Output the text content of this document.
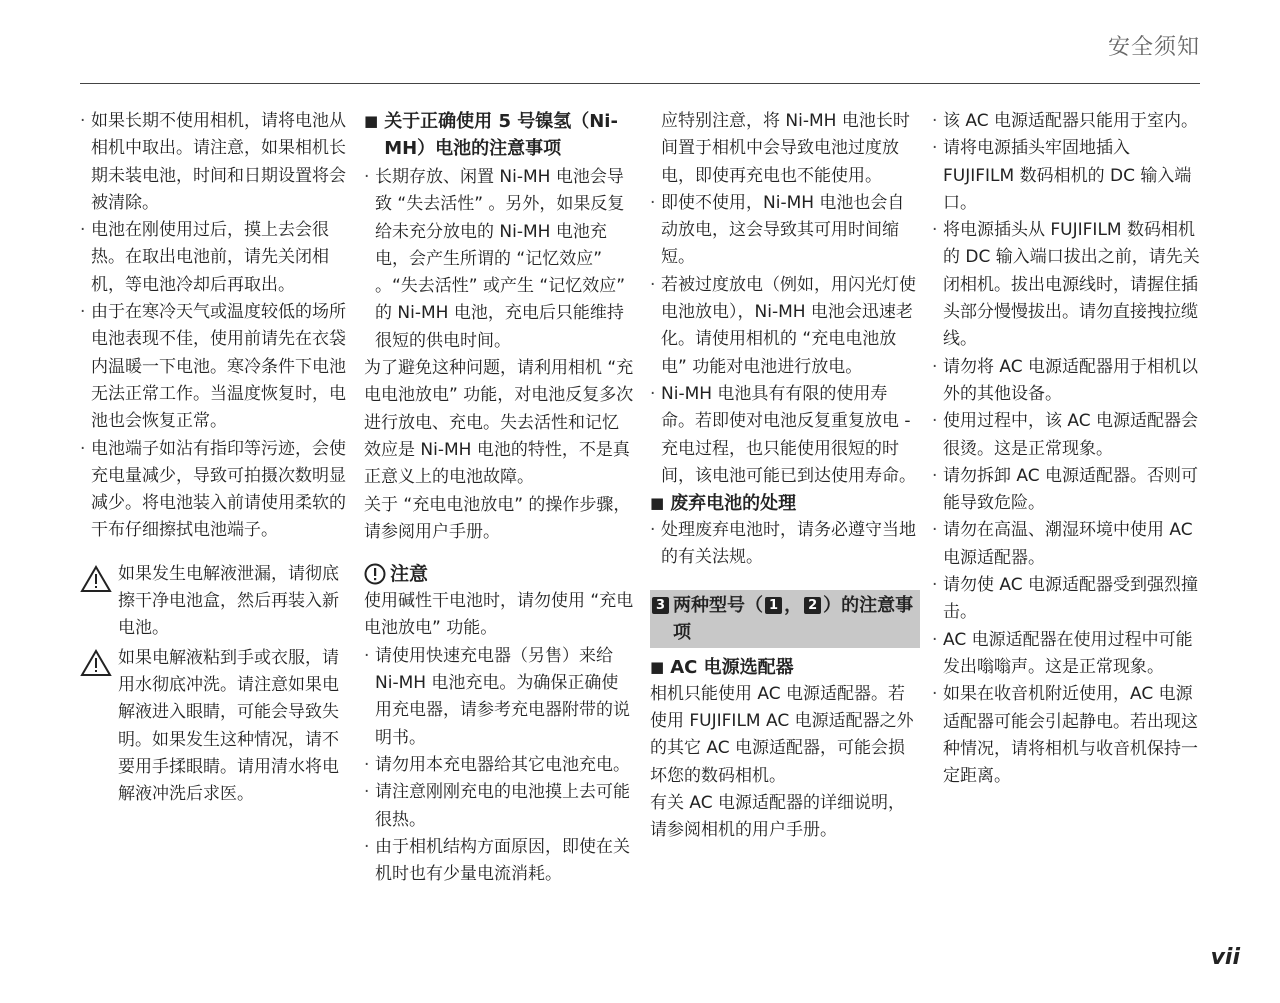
安全须知
· 如果长期不使用相机，请将电池从相机中取出。请注意，如果相机长期未装电池，时间和日期设置将会被清除。
· 电池在刚使用过后，摸上去会很热。在取出电池前，请先关闭相机，等电池冷却后再取出。
· 由于在寒冷天气或温度较低的场所电池表现不佳，使用前请先在衣袋内温暖一下电池。寒冷条件下电池无法正常工作。当温度恢复时，电池也会恢复正常。
· 电池端子如沾有指印等污迹，会使充电量减少，导致可拍摄次数明显减少。将电池装入前请使用柔软的干布仔细擦拭电池端子。
如果发生电解液泄漏，请彻底擦干净电池盒，然后再装入新电池。
如果电解液粘到手或衣服，请用水彻底冲洗。请注意如果电解液进入眼睛，可能会导致失明。如果发生这种情况，请不要用手揉眼睛。请用清水将电解液冲洗后求医。
■ 关于正确使用 5 号镍氢（Ni-MH）电池的注意事项
· 长期存放、闲置 Ni-MH 电池会导致 “失去活性” 。另外，如果反复给未充分放电的 Ni-MH 电池充电，会产生所谓的 “记忆效应” 。“失去活性” 或产生 “记忆效应” 的 Ni-MH 电池，充电后只能维持很短的供电时间。

为了避免这种问题，请利用相机 “充电电池放电” 功能，对电池反复多次进行放电、充电。失去活性和记忆效应是 Ni-MH 电池的特性，不是真正意义上的电池故障。

关于 “充电电池放电” 的操作步骤，请参阅用户手册。

注意

使用碱性干电池时，请勿使用 “充电电池放电” 功能。

· 请使用快速充电器（另售）来给 Ni-MH 电池充电。为确保正确使用充电器，请参考充电器附带的说明书。
· 请勿用本充电器给其它电池充电。
· 请注意刚刚充电的电池摸上去可能很热。
· 由于相机结构方面原因，即使在关机时也有少量电流消耗。

应特别注意，将 Ni-MH 电池长时间置于相机中会导致电池过度放电，即使再充电也不能使用。

· 即使不使用，Ni-MH 电池也会自动放电，这会导致其可用时间缩短。
· 若被过度放电（例如，用闪光灯使电池放电），Ni-MH 电池会迅速老化。请使用相机的 “充电电池放电” 功能对电池进行放电。
· Ni-MH 电池具有有限的使用寿命。若即使对电池反复重复放电 - 充电过程，也只能使用很短的时间，该电池可能已到达使用寿命。
■ 废弃电池的处理
· 处理废弃电池时，请务必遵守当地的有关法规。
3 两种型号（ 1 ， 2 ）的注意事项
■ AC 电源选配器

相机只能使用 AC 电源适配器。若使用 FUJIFILM AC 电源适配器之外的其它 AC 电源适配器，可能会损坏您的数码相机。

有关 AC 电源适配器的详细说明，请参阅相机的用户手册。

· 该 AC 电源适配器只能用于室内。
· 请将电源插头牢固地插入 FUJIFILM 数码相机的 DC 输入端口。
· 将电源插头从 FUJIFILM 数码相机的 DC 输入端口拔出之前，请先关闭相机。拔出电源线时，请握住插头部分慢慢拔出。请勿直接拽拉缆线。
· 请勿将 AC 电源适配器用于相机以外的其他设备。
· 使用过程中，该 AC 电源适配器会很烫。这是正常现象。
· 请勿拆卸 AC 电源适配器。否则可能导致危险。
· 请勿在高温、潮湿环境中使用 AC 电源适配器。
· 请勿使 AC 电源适配器受到强烈撞击。
· AC 电源适配器在使用过程中可能发出嗡嗡声。这是正常现象。
· 如果在收音机附近使用，AC 电源适配器可能会引起静电。若出现这种情况，请将相机与收音机保持一定距离。
vii
